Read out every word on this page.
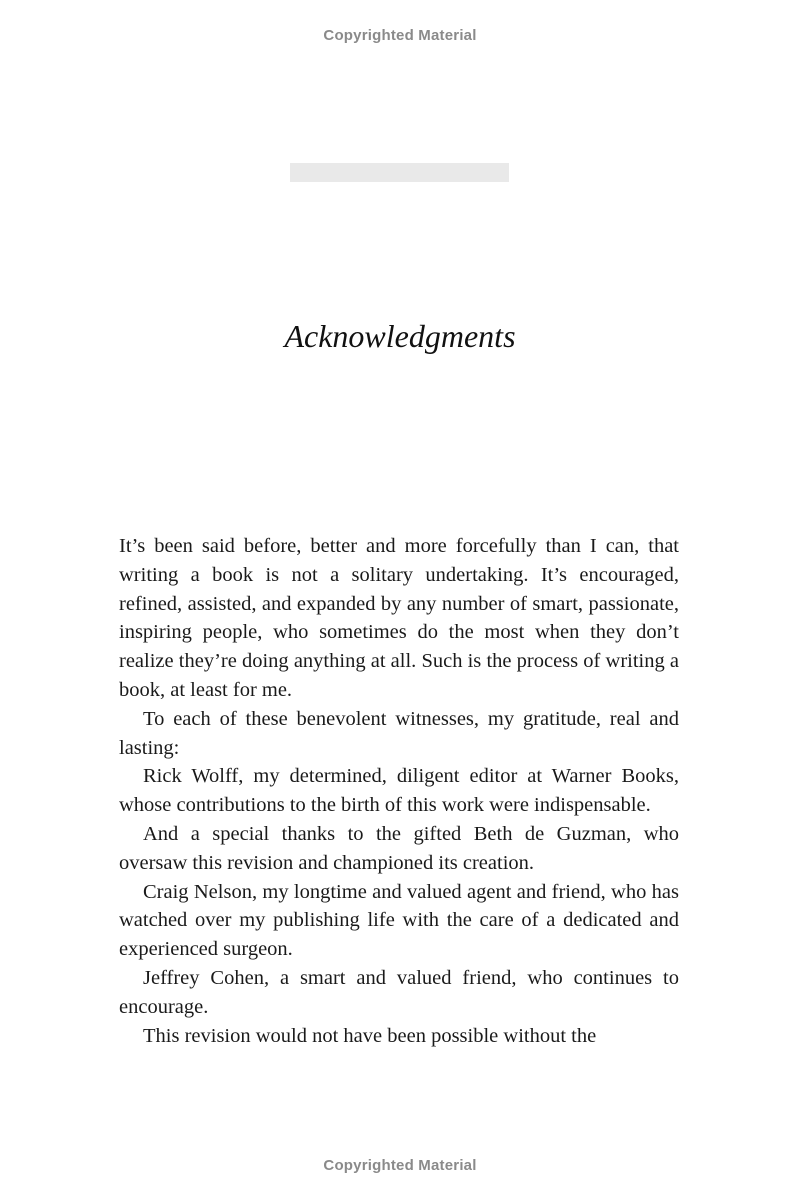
Copyrighted Material
Acknowledgments

It’s been said before, better and more forcefully than I can, that writing a book is not a solitary undertaking. It’s encouraged, refined, assisted, and expanded by any number of smart, passionate, inspiring people, who sometimes do the most when they don’t realize they’re doing anything at all. Such is the process of writing a book, at least for me.

To each of these benevolent witnesses, my gratitude, real and lasting:

Rick Wolff, my determined, diligent editor at Warner Books, whose contributions to the birth of this work were indispensable.

And a special thanks to the gifted Beth de Guzman, who oversaw this revision and championed its creation.

Craig Nelson, my longtime and valued agent and friend, who has watched over my publishing life with the care of a dedicated and experienced surgeon.

Jeffrey Cohen, a smart and valued friend, who continues to encourage.

This revision would not have been possible without the

Copyrighted Material
